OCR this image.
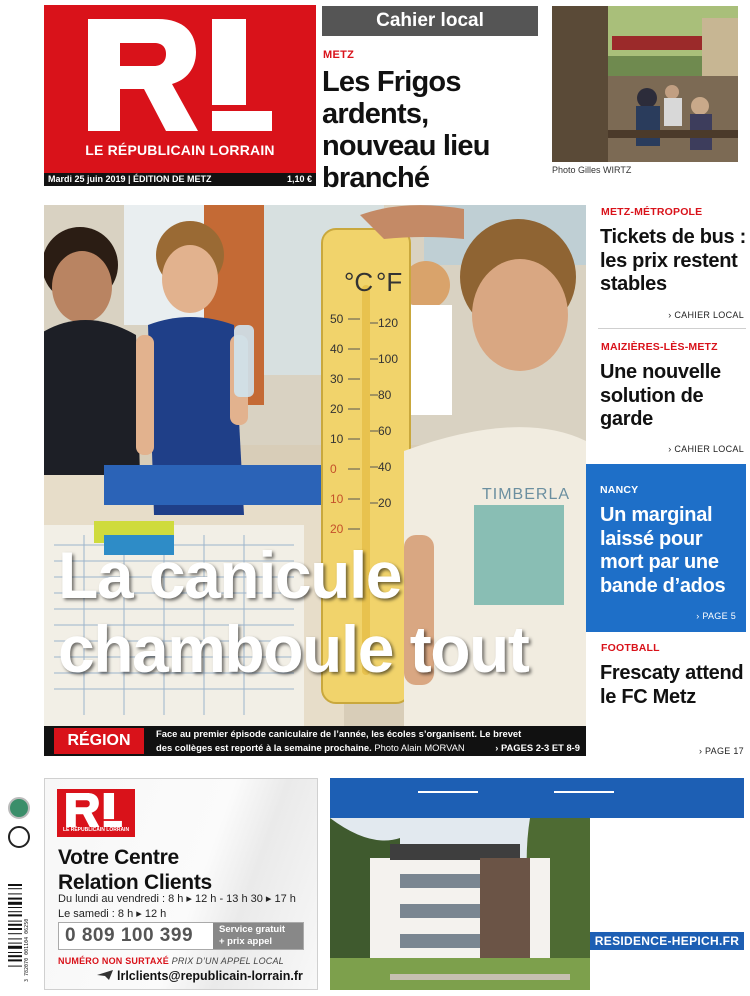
LE RÉPUBLICAIN LORRAIN
Mardi 25 juin 2019 | ÉDITION DE METZ	1,10 €
Cahier local
METZ
Les Frigos ardents, nouveau lieu branché	Photo Gilles WIRTZ
°C °F
50
40
30
20
10
0
10
20
120
100
80
60
40
20	TIMBERLA
La canicule
chamboule tout
RÉGION	Face au premier épisode caniculaire de l’année, les écoles s’organisent. Le brevet
des collèges est reporté à la semaine prochaine. Photo Alain MORVAN	› PAGES 2-3 ET 8-9
METZ-MÉTROPOLE
Tickets de bus : les prix restent stables
› CAHIER LOCAL
MAIZIÈRES-LÈS-METZ
Une nouvelle solution de garde
› CAHIER LOCAL
NANCY
Un marginal laissé pour mort par une bande d’ados
› PAGE 5
FOOTBALL
Frescaty attend le FC Metz
› PAGE 17
3 782070 001104 06250
LE RÉPUBLICAIN LORRAIN
Votre Centre
Relation Clients
Du lundi au vendredi : 8 h ▸ 12 h - 13 h 30 ▸ 17 h
Le samedi : 8 h ▸ 12 h
0 809 100 399	Service gratuit
+ prix appel
NUMÉRO NON SURTAXÉ PRIX D’UN APPEL LOCAL
lrlclients@republicain-lorrain.fr
RESIDENCE-HEPICH.FR
